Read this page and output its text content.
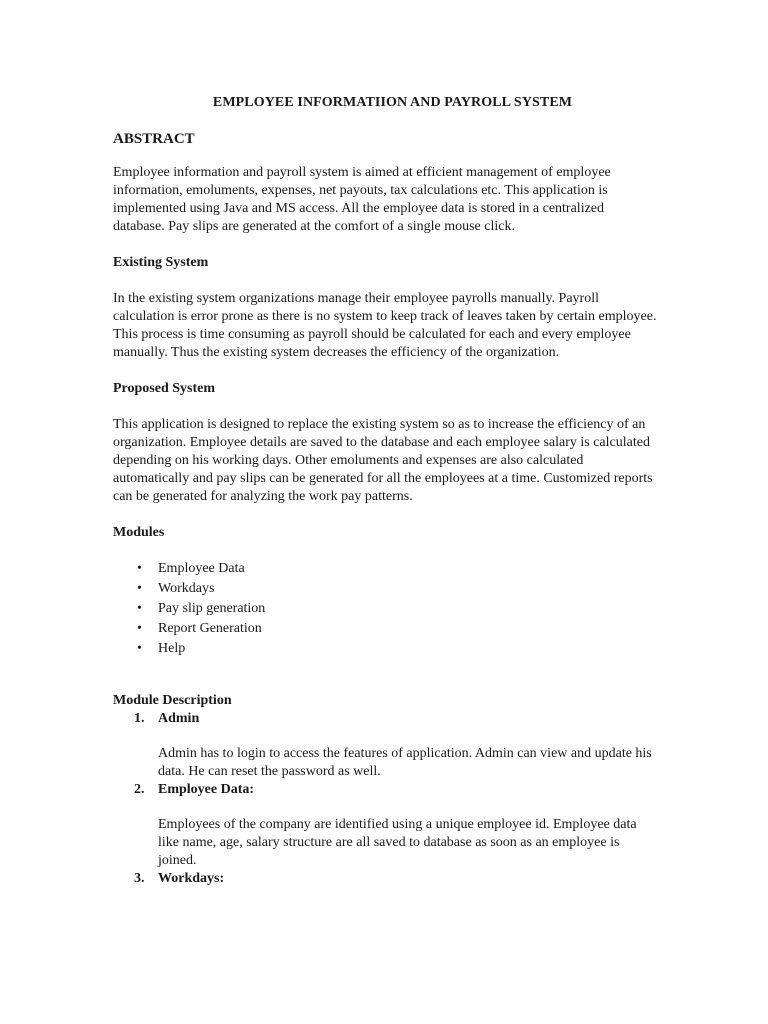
EMPLOYEE INFORMATIION AND PAYROLL SYSTEM
ABSTRACT
Employee information and payroll system is aimed at efficient management of employee information, emoluments, expenses, net payouts, tax calculations etc. This application is implemented using Java and MS access. All the employee data is stored in a centralized database. Pay slips are generated at the comfort of a single mouse click.
Existing System
In the existing system organizations manage their employee payrolls manually. Payroll calculation is error prone as there is no system to keep track of leaves taken by certain employee. This process is time consuming as payroll should be calculated for each and every employee manually. Thus the existing system decreases the efficiency of the organization.
Proposed System
This application is designed to replace the existing system so as to increase the efficiency of an organization. Employee details are saved to the database and each employee salary is calculated depending on his working days. Other emoluments and expenses are also calculated automatically and pay slips can be generated for all the employees at a time. Customized reports can be generated for analyzing the work pay patterns.
Modules
• Employee Data
• Workdays
• Pay slip generation
• Report Generation
• Help
Module Description
1. Admin
Admin has to login to access the features of application. Admin can view and update his data. He can reset the password as well.
2. Employee Data:
Employees of the company are identified using a unique employee id. Employee data like name, age, salary structure are all saved to database as soon as an employee is joined.
3. Workdays:
